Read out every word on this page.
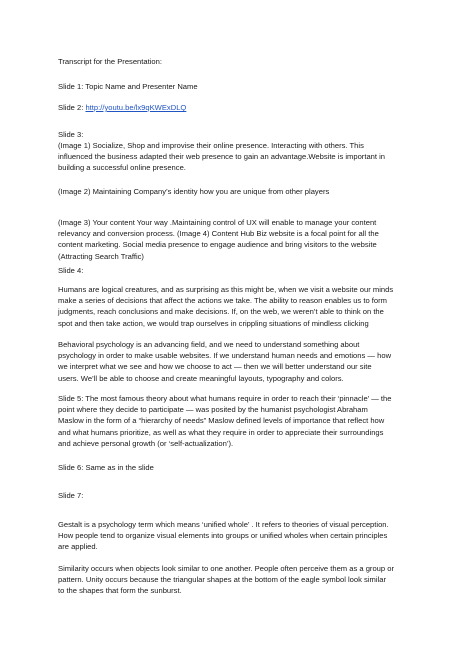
Transcript for the Presentation:

Slide 1: Topic Name and Presenter Name

Slide 2: http://youtu.be/lx9qKWExDLQ

Slide 3:

(Image 1) Socialize, Shop and improvise their online presence. Interacting with others. This
influenced the business adapted their web presence to gain an advantage.Website is important in
building a successful online presence.

(Image 2) Maintaining Company’s identity how you are unique from other players

(Image 3) Your content Your way .Maintaining control of UX will enable to manage your content
relevancy and conversion process. (Image 4) Content Hub Biz website is a focal point for all the
content marketing. Social media presence to engage audience and bring visitors to the website
(Attracting Search Traffic)

Slide 4:

Humans are logical creatures, and as surprising as this might be, when we visit a website our minds
make a series of decisions that affect the actions we take. The ability to reason enables us to form
judgments, reach conclusions and make decisions. If, on the web, we weren’t able to think on the
spot and then take action, we would trap ourselves in crippling situations of mindless clicking

Behavioral psychology is an advancing field, and we need to understand something about
psychology in order to make usable websites. If we understand human needs and emotions — how
we interpret what we see and how we choose to act — then we will better understand our site
users. We’ll be able to choose and create meaningful layouts, typography and colors.

Slide 5: The most famous theory about what humans require in order to reach their ‘pinnacle’ — the
point where they decide to participate — was posited by the humanist psychologist Abraham
Maslow in the form of a “hierarchy of needs” Maslow defined levels of importance that reflect how
and what humans prioritize, as well as what they require in order to appreciate their surroundings
and achieve personal growth (or ‘self-actualization’).

Slide 6: Same as in the slide

Slide 7:

Gestalt is a psychology term which means ‘unified whole’ . It refers to theories of visual perception.
How people tend to organize visual elements into groups or unified wholes when certain principles
are applied.

Similarity occurs when objects look similar to one another. People often perceive them as a group or
pattern. Unity occurs because the triangular shapes at the bottom of the eagle symbol look similar
to the shapes that form the sunburst.
